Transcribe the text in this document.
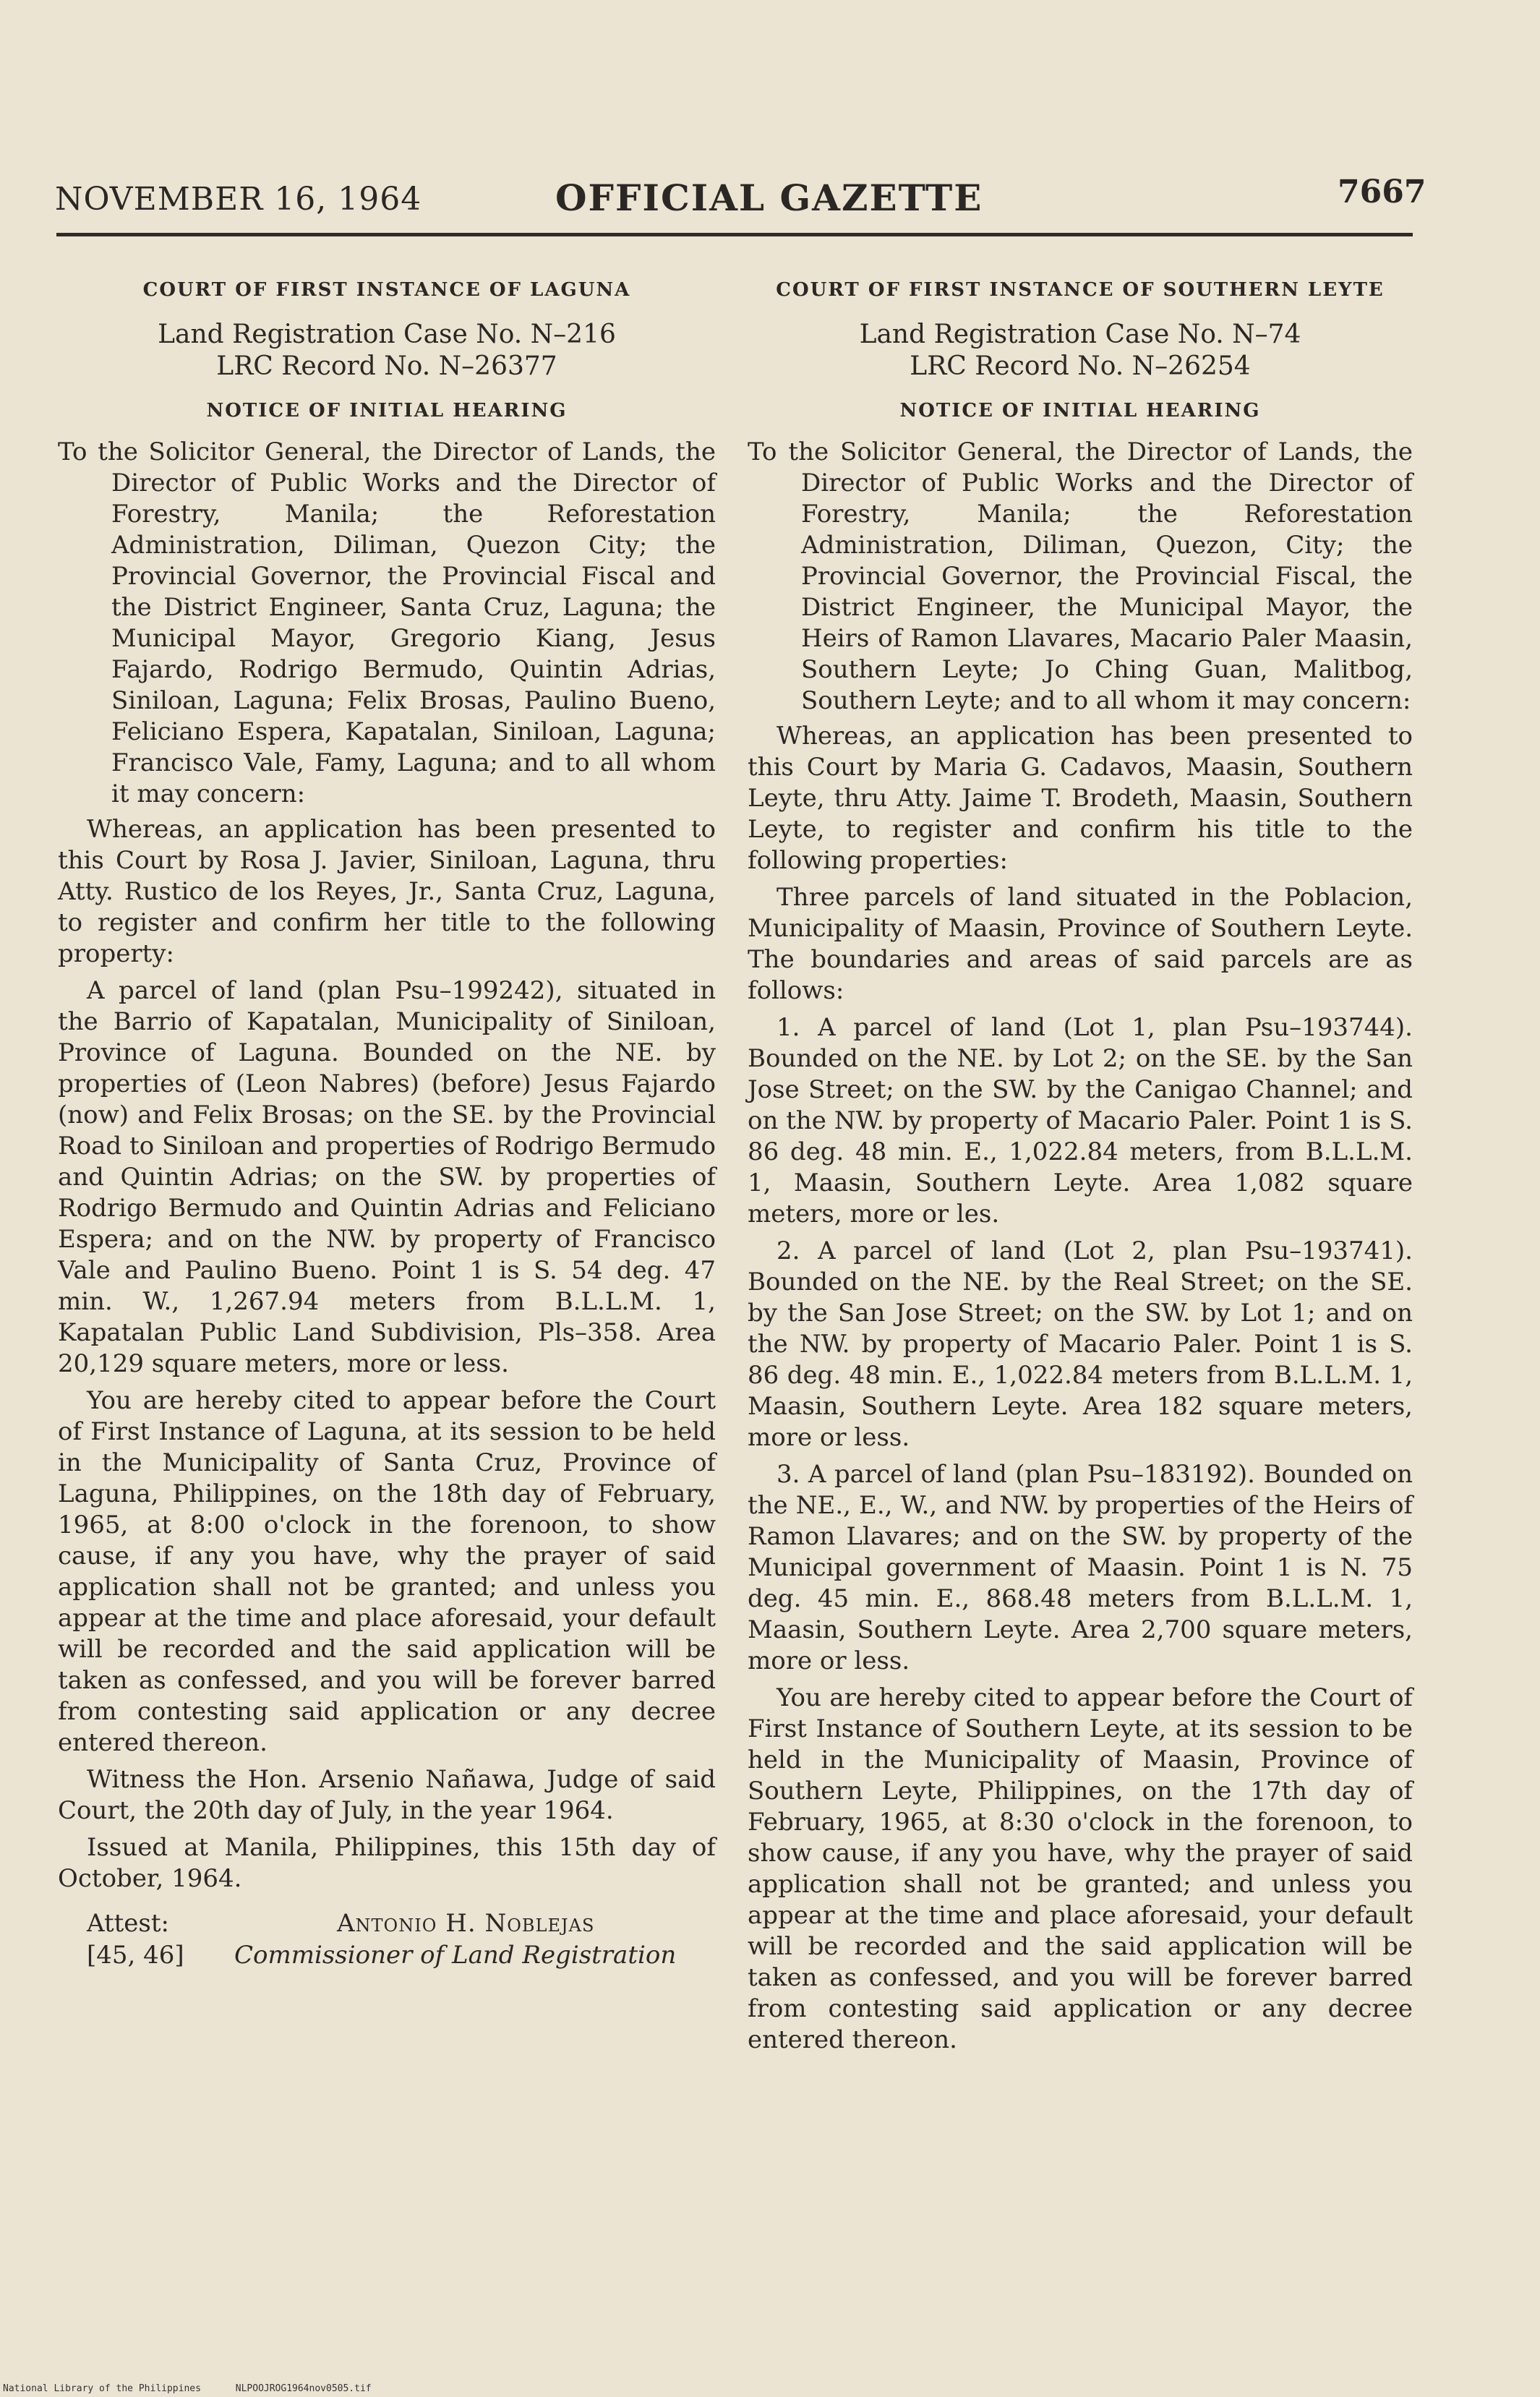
NOVEMBER 16, 1964	OFFICIAL GAZETTE	7667
COURT OF FIRST INSTANCE OF LAGUNA
Land Registration Case No. N–216
LRC Record No. N–26377
NOTICE OF INITIAL HEARING
To the Solicitor General, the Director of Lands, the Director of Public Works and the Director of Forestry, Manila; the Reforestation Administration, Diliman, Quezon City; the Provincial Governor, the Provincial Fiscal and the District Engineer, Santa Cruz, Laguna; the Municipal Mayor, Gregorio Kiang, Jesus Fajardo, Rodrigo Bermudo, Quintin Adrias, Siniloan, Laguna; Felix Brosas, Paulino Bueno, Feliciano Espera, Kapatalan, Siniloan, Laguna; Francisco Vale, Famy, Laguna; and to all whom it may concern:

Whereas, an application has been presented to this Court by Rosa J. Javier, Siniloan, Laguna, thru Atty. Rustico de los Reyes, Jr., Santa Cruz, Laguna, to register and confirm her title to the following property:

A parcel of land (plan Psu–199242), situated in the Barrio of Kapatalan, Municipality of Siniloan, Province of Laguna. Bounded on the NE. by properties of (Leon Nabres) (before) Jesus Fajardo (now) and Felix Brosas; on the SE. by the Provincial Road to Siniloan and properties of Rodrigo Bermudo and Quintin Adrias; on the SW. by properties of Rodrigo Bermudo and Quintin Adrias and Feliciano Espera; and on the NW. by property of Francisco Vale and Paulino Bueno. Point 1 is S. 54 deg. 47 min. W., 1,267.94 meters from B.L.L.M. 1, Kapatalan Public Land Subdivision, Pls–358. Area 20,129 square meters, more or less.

You are hereby cited to appear before the Court of First Instance of Laguna, at its session to be held in the Municipality of Santa Cruz, Province of Laguna, Philippines, on the 18th day of February, 1965, at 8:00 o'clock in the forenoon, to show cause, if any you have, why the prayer of said application shall not be granted; and unless you appear at the time and place aforesaid, your default will be recorded and the said application will be taken as confessed, and you will be forever barred from contesting said application or any decree entered thereon.

Witness the Hon. Arsenio Nañawa, Judge of said Court, the 20th day of July, in the year 1964.

Issued at Manila, Philippines, this 15th day of October, 1964.

Attest:
[45, 46]
Antonio H. Noblejas
Commissioner of Land Registration
COURT OF FIRST INSTANCE OF SOUTHERN LEYTE
Land Registration Case No. N–74
LRC Record No. N–26254
NOTICE OF INITIAL HEARING
To the Solicitor General, the Director of Lands, the Director of Public Works and the Director of Forestry, Manila; the Reforestation Administration, Diliman, Quezon, City; the Provincial Governor, the Provincial Fiscal, the District Engineer, the Municipal Mayor, the Heirs of Ramon Llavares, Macario Paler Maasin, Southern Leyte; Jo Ching Guan, Malitbog, Southern Leyte; and to all whom it may concern:

Whereas, an application has been presented to this Court by Maria G. Cadavos, Maasin, Southern Leyte, thru Atty. Jaime T. Brodeth, Maasin, Southern Leyte, to register and confirm his title to the following properties:

Three parcels of land situated in the Poblacion, Municipality of Maasin, Province of Southern Leyte. The boundaries and areas of said parcels are as follows:

1. A parcel of land (Lot 1, plan Psu–193744). Bounded on the NE. by Lot 2; on the SE. by the San Jose Street; on the SW. by the Canigao Channel; and on the NW. by property of Macario Paler. Point 1 is S. 86 deg. 48 min. E., 1,022.84 meters, from B.L.L.M. 1, Maasin, Southern Leyte. Area 1,082 square meters, more or les.

2. A parcel of land (Lot 2, plan Psu–193741). Bounded on the NE. by the Real Street; on the SE. by the San Jose Street; on the SW. by Lot 1; and on the NW. by property of Macario Paler. Point 1 is S. 86 deg. 48 min. E., 1,022.84 meters from B.L.L.M. 1, Maasin, Southern Leyte. Area 182 square meters, more or less.

3. A parcel of land (plan Psu–183192). Bounded on the NE., E., W., and NW. by properties of the Heirs of Ramon Llavares; and on the SW. by property of the Municipal government of Maasin. Point 1 is N. 75 deg. 45 min. E., 868.48 meters from B.L.L.M. 1, Maasin, Southern Leyte. Area 2,700 square meters, more or less.

You are hereby cited to appear before the Court of First Instance of Southern Leyte, at its session to be held in the Municipality of Maasin, Province of Southern Leyte, Philippines, on the 17th day of February, 1965, at 8:30 o'clock in the forenoon, to show cause, if any you have, why the prayer of said application shall not be granted; and unless you appear at the time and place aforesaid, your default will be recorded and the said application will be taken as confessed, and you will be forever barred from contesting said application or any decree entered thereon.

National Library of the Philippines	NLPOOJROG1964nov0505.tif
